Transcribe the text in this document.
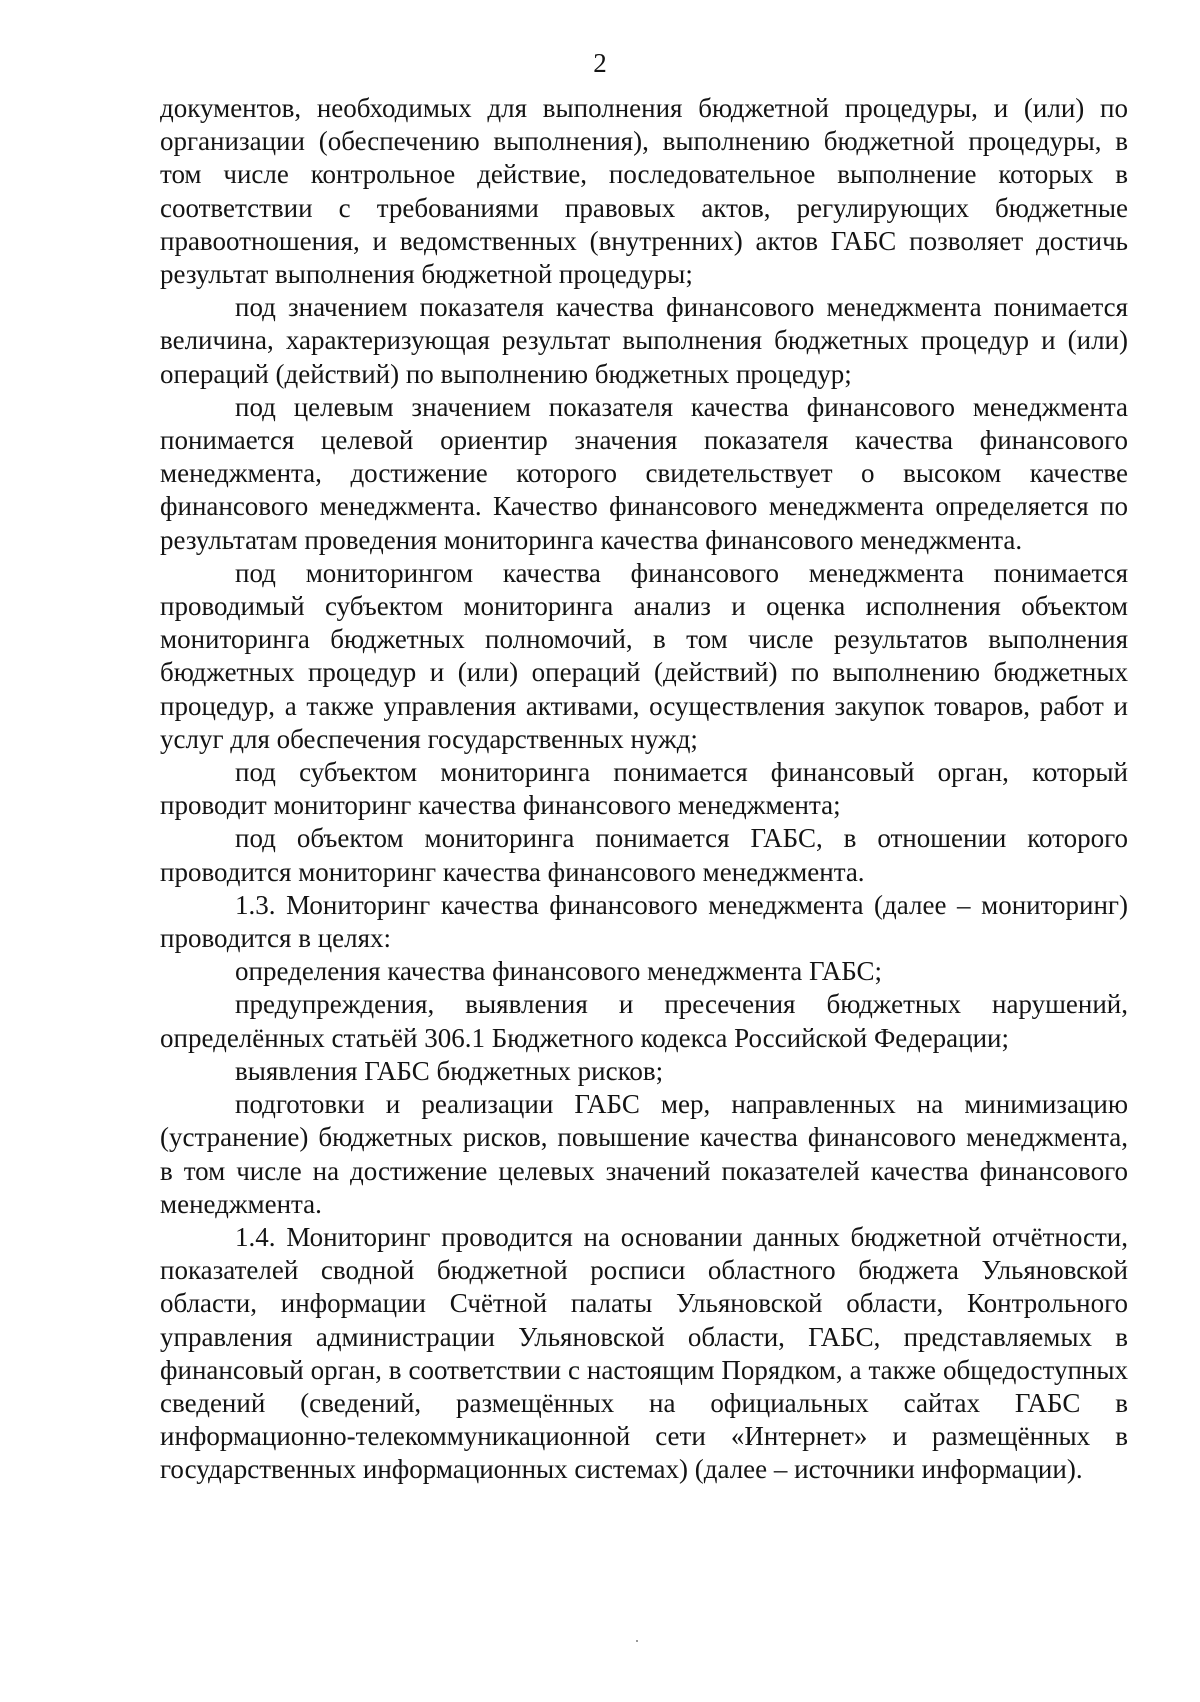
2

документов, необходимых для выполнения бюджетной процедуры, и (или) по организации (обеспечению выполнения), выполнению бюджетной процедуры, в том числе контрольное действие, последовательное выполнение которых в соответствии с требованиями правовых актов, регулирующих бюджетные правоотношения, и ведомственных (внутренних) актов ГАБС позволяет достичь результат выполнения бюджетной процедуры;

под значением показателя качества финансового менеджмента понимается величина, характеризующая результат выполнения бюджетных процедур и (или) операций (действий) по выполнению бюджетных процедур;

под целевым значением показателя качества финансового менеджмента понимается целевой ориентир значения показателя качества финансового менеджмента, достижение которого свидетельствует о высоком качестве финансового менеджмента. Качество финансового менеджмента определяется по результатам проведения мониторинга качества финансового менеджмента.

под мониторингом качества финансового менеджмента понимается проводимый субъектом мониторинга анализ и оценка исполнения объектом мониторинга бюджетных полномочий, в том числе результатов выполнения бюджетных процедур и (или) операций (действий) по выполнению бюджетных процедур, а также управления активами, осуществления закупок товаров, работ и услуг для обеспечения государственных нужд;

под субъектом мониторинга понимается финансовый орган, который проводит мониторинг качества финансового менеджмента;

под объектом мониторинга понимается ГАБС, в отношении которого проводится мониторинг качества финансового менеджмента.

1.3. Мониторинг качества финансового менеджмента (далее – мониторинг) проводится в целях:

определения качества финансового менеджмента ГАБС;

предупреждения, выявления и пресечения бюджетных нарушений, определённых статьёй 306.1 Бюджетного кодекса Российской Федерации;

выявления ГАБС бюджетных рисков;

подготовки и реализации ГАБС мер, направленных на минимизацию (устранение) бюджетных рисков, повышение качества финансового менеджмента, в том числе на достижение целевых значений показателей качества финансового менеджмента.

1.4. Мониторинг проводится на основании данных бюджетной отчётности, показателей сводной бюджетной росписи областного бюджета Ульяновской области, информации Счётной палаты Ульяновской области, Контрольного управления администрации Ульяновской области, ГАБС, представляемых в финансовый орган, в соответствии с настоящим Порядком, а также общедоступных сведений (сведений, размещённых на официальных сайтах ГАБС в информационно-телекоммуникационной сети «Интернет» и размещённых в государственных информационных системах) (далее – источники информации).
